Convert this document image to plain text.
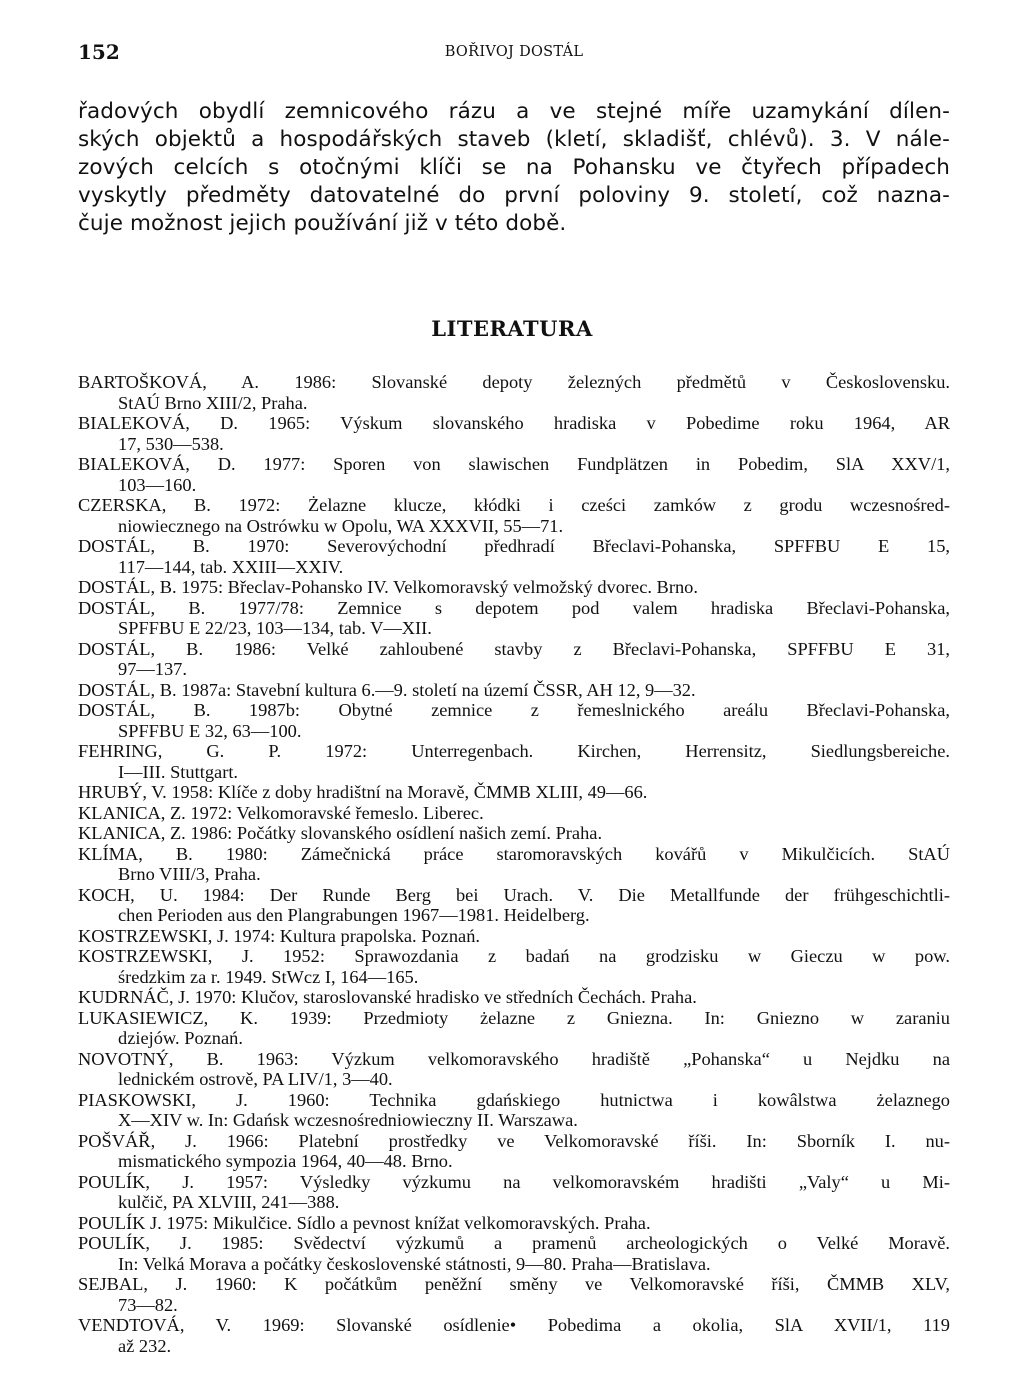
152	BOŘIVOJ DOSTÁL
řadových obydlí zemnicového rázu a ve stejné míře uzamykání dílen-
ských objektů a hospodářských staveb (kletí, skladišť, chlévů). 3. V nále-
zových celcích s otočnými klíči se na Pohansku ve čtyřech případech
vyskytly předměty datovatelné do první poloviny 9. století, což nazna-
čuje možnost jejich používání již v této době.
LITERATURA
BARTOŠKOVÁ, A. 1986: Slovanské depoty železných předmětů v Československu.
StAÚ Brno XIII/2, Praha.
BIALEKOVÁ, D. 1965: Výskum slovanského hradiska v Pobedime roku 1964, AR
17, 530—538.
BIALEKOVÁ, D. 1977: Sporen von slawischen Fundplätzen in Pobedim, SlA XXV/1,
103—160.
CZERSKA, B. 1972: Żelazne klucze, kłódki i cześci zamków z grodu wczesnośred-
niowiecznego na Ostrówku w Opolu, WA XXXVII, 55—71.
DOSTÁL, B. 1970: Severovýchodní předhradí Břeclavi-Pohanska, SPFFBU E 15,
117—144, tab. XXIII—XXIV.
DOSTÁL, B. 1975: Břeclav-Pohansko IV. Velkomoravský velmožský dvorec. Brno.
DOSTÁL, B. 1977/78: Zemnice s depotem pod valem hradiska Břeclavi-Pohanska,
SPFFBU E 22/23, 103—134, tab. V—XII.
DOSTÁL, B. 1986: Velké zahloubené stavby z Břeclavi-Pohanska, SPFFBU E 31,
97—137.
DOSTÁL, B. 1987a: Stavební kultura 6.—9. století na území ČSSR, AH 12, 9—32.
DOSTÁL, B. 1987b: Obytné zemnice z řemeslnického areálu Břeclavi-Pohanska,
SPFFBU E 32, 63—100.
FEHRING, G. P. 1972: Unterregenbach. Kirchen, Herrensitz, Siedlungsbereiche.
I—III. Stuttgart.
HRUBÝ, V. 1958: Klíče z doby hradištní na Moravě, ČMMB XLIII, 49—66.
KLANICA, Z. 1972: Velkomoravské řemeslo. Liberec.
KLANICA, Z. 1986: Počátky slovanského osídlení našich zemí. Praha.
KLÍMA, B. 1980: Zámečnická práce staromoravských kovářů v Mikulčicích. StAÚ
Brno VIII/3, Praha.
KOCH, U. 1984: Der Runde Berg bei Urach. V. Die Metallfunde der frühgeschichtli-
chen Perioden aus den Plangrabungen 1967—1981. Heidelberg.
KOSTRZEWSKI, J. 1974: Kultura prapolska. Poznań.
KOSTRZEWSKI, J. 1952: Sprawozdania z badań na grodzisku w Gieczu w pow.
średzkim za r. 1949. StWcz I, 164—165.
KUDRNÁČ, J. 1970: Klučov, staroslovanské hradisko ve středních Čechách. Praha.
LUKASIEWICZ, K. 1939: Przedmioty żelazne z Gniezna. In: Gniezno w zaraniu
dziejów. Poznań.
NOVOTNÝ, B. 1963: Výzkum velkomoravského hradiště „Pohanska“ u Nejdku na
lednickém ostrově, PA LIV/1, 3—40.
PIASKOWSKI, J. 1960: Technika gdańskiego hutnictwa i kowâlstwa żelaznego
X—XIV w. In: Gdańsk wczesnośredniowieczny II. Warszawa.
POŠVÁŘ, J. 1966: Platební prostředky ve Velkomoravské říši. In: Sborník I. nu-
mismatického sympozia 1964, 40—48. Brno.
POULÍK, J. 1957: Výsledky výzkumu na velkomoravském hradišti „Valy“ u Mi-
kulčič, PA XLVIII, 241—388.
POULÍK J. 1975: Mikulčice. Sídlo a pevnost knížat velkomoravských. Praha.
POULÍK, J. 1985: Svědectví výzkumů a pramenů archeologických o Velké Moravě.
In: Velká Morava a počátky československé státnosti, 9—80. Praha—Bratislava.
SEJBAL, J. 1960: K počátkům peněžní směny ve Velkomoravské říši, ČMMB XLV,
73—82.
VENDTOVÁ, V. 1969: Slovanské osídlenie• Pobedima a okolia, SlA XVII/1, 119
až 232.
